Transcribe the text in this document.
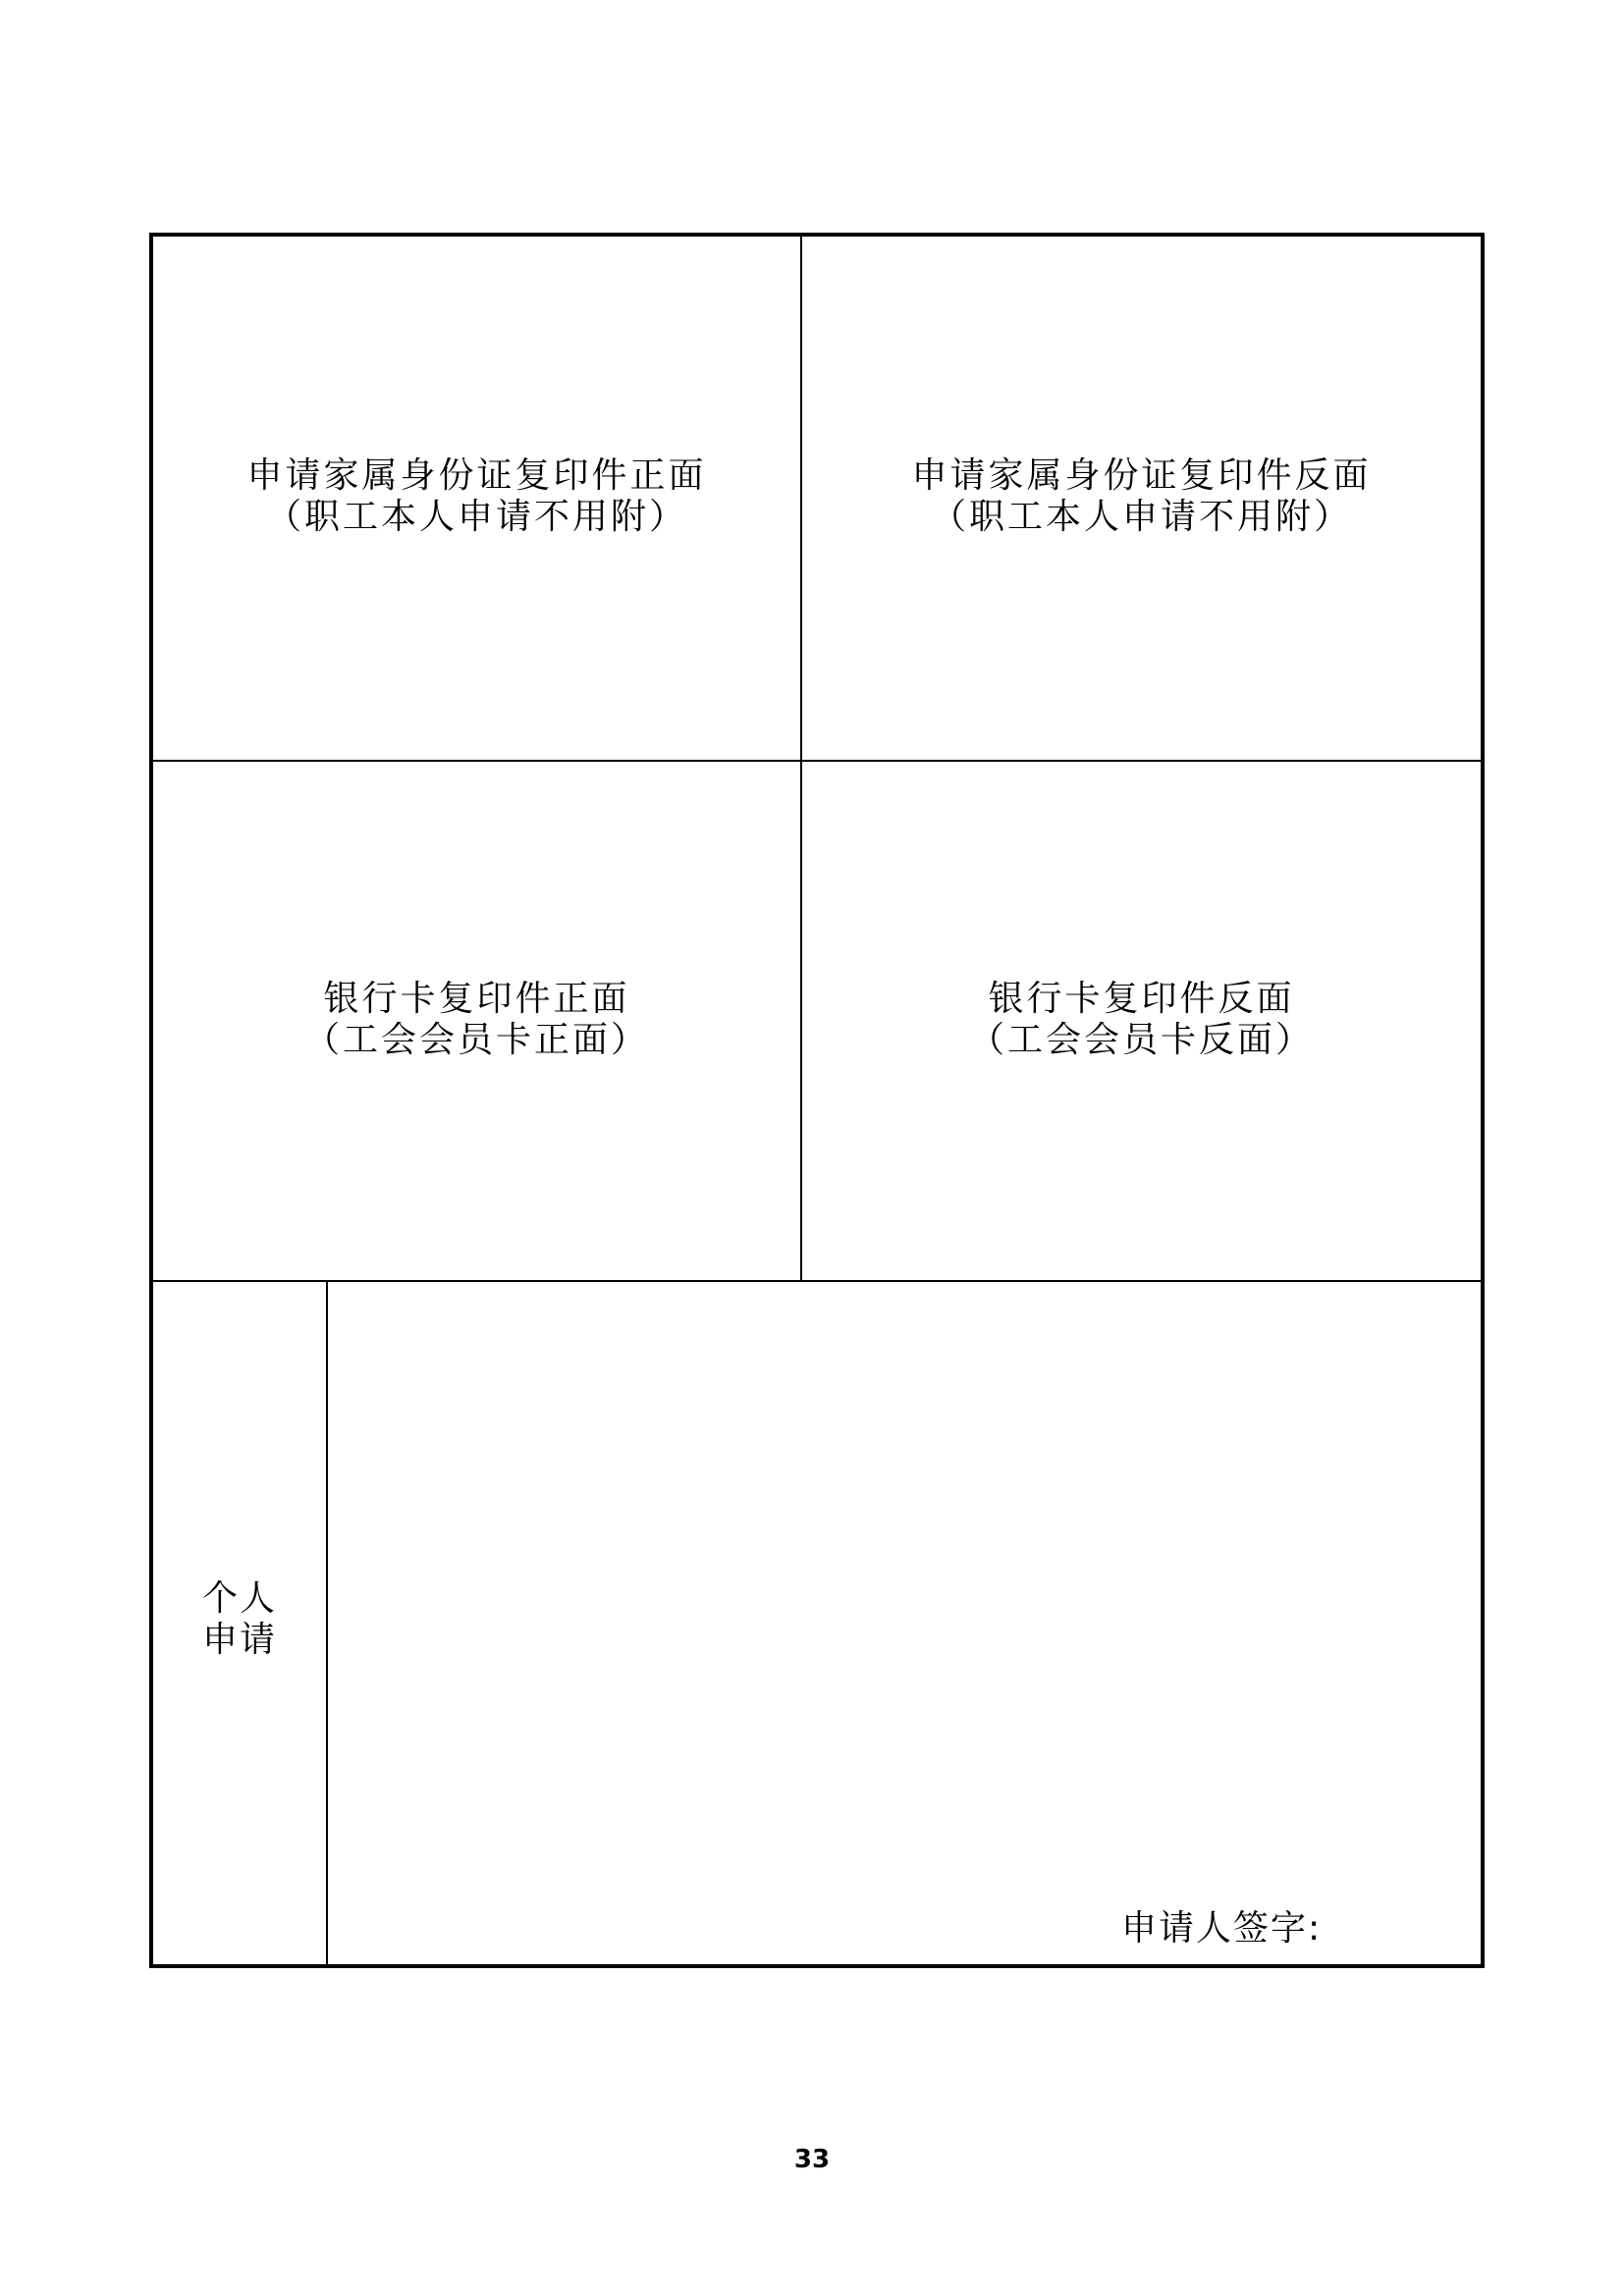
申请家属身份证复印件正面
（职工本人申请不用附）
申请家属身份证复印件反面
（职工本人申请不用附）
银行卡复印件正面
（工会会员卡正面）
银行卡复印件反面
（工会会员卡反面）
个人
申请
申请人签字:
33
